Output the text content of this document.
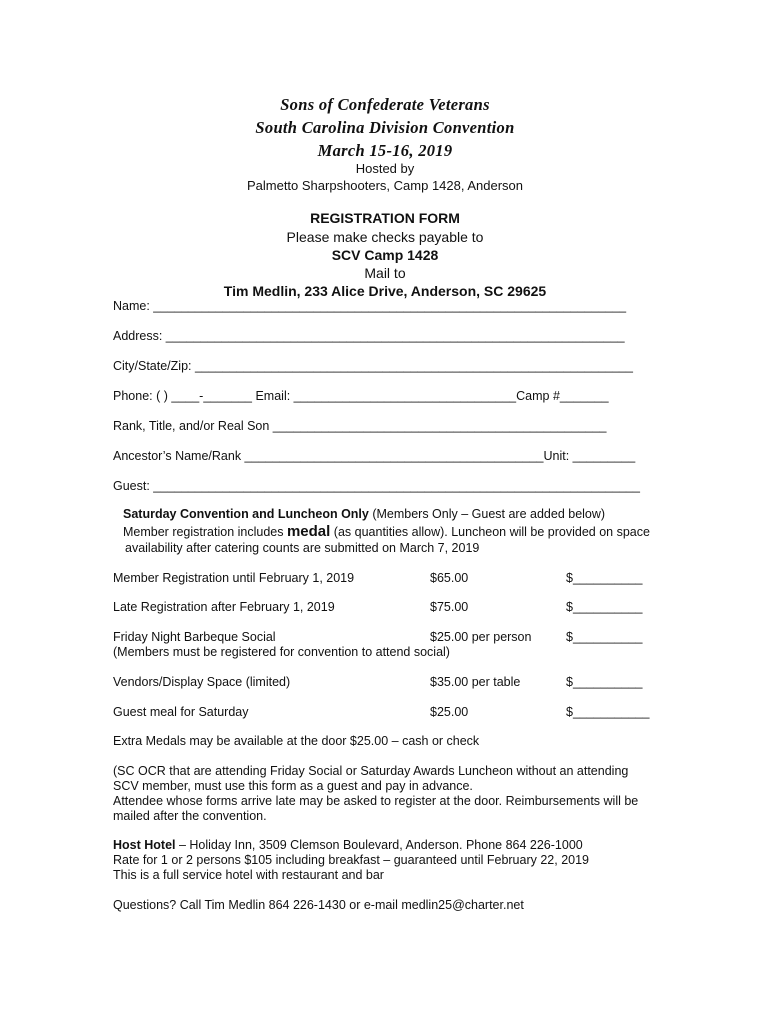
Sons of Confederate Veterans
South Carolina Division Convention
March 15-16, 2019
Hosted by
Palmetto Sharpshooters, Camp 1428, Anderson
REGISTRATION FORM
Please make checks payable to
SCV Camp 1428
Mail to
Tim Medlin, 233 Alice Drive, Anderson, SC 29625
Name: ____________________________________________________________________
Address: __________________________________________________________________
City/State/Zip: _______________________________________________________________
Phone: ( ) ____-_______ Email: ________________________________Camp #_______
Rank, Title, and/or Real Son ________________________________________________
Ancestor’s Name/Rank ___________________________________________Unit: _________
Guest: ______________________________________________________________________
Saturday Convention and Luncheon Only (Members Only – Guest are added below)
Member registration includes medal (as quantities allow). Luncheon will be provided on space
availability after catering counts are submitted on March 7, 2019
Member Registration until February 1, 2019	$65.00	$__________
Late Registration after February 1, 2019	$75.00	$__________
Friday Night Barbeque Social	$25.00 per person	$__________
(Members must be registered for convention to attend social)
Vendors/Display Space (limited)	$35.00 per table	$__________
Guest meal for Saturday	$25.00	$___________
Extra Medals may be available at the door $25.00 – cash or check
(SC OCR that are attending Friday Social or Saturday Awards Luncheon without an attending
SCV member, must use this form as a guest and pay in advance.
Attendee whose forms arrive late may be asked to register at the door. Reimbursements will be
mailed after the convention.
Host Hotel – Holiday Inn, 3509 Clemson Boulevard, Anderson. Phone 864 226-1000
Rate for 1 or 2 persons $105 including breakfast – guaranteed until February 22, 2019
This is a full service hotel with restaurant and bar
Questions? Call Tim Medlin 864 226-1430 or e-mail medlin25@charter.net
